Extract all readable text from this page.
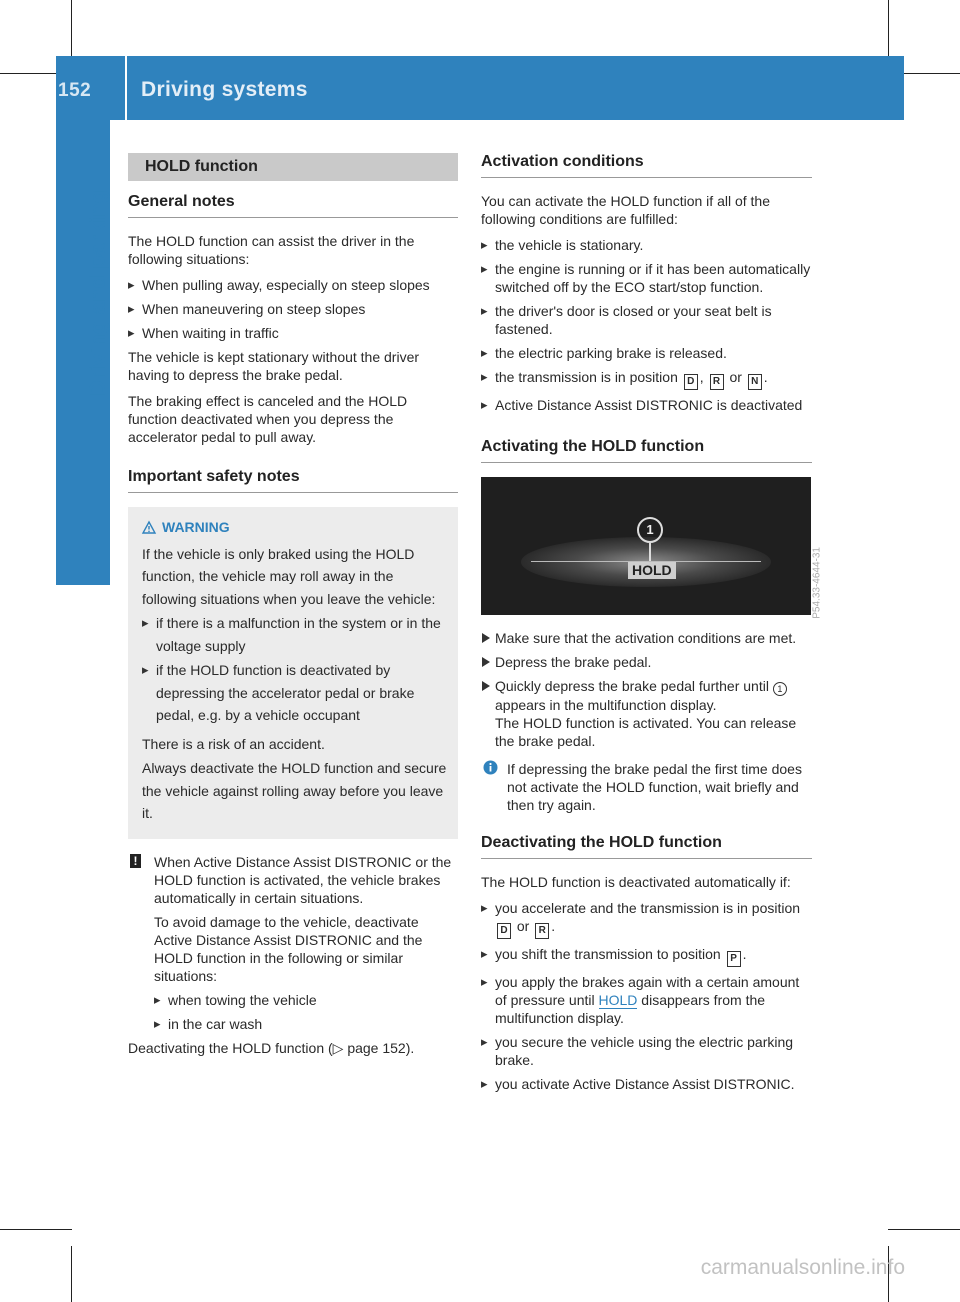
152 Driving systems
Driving and parking
HOLD function
General notes

The HOLD function can assist the driver in the following situations:

▸ When pulling away, especially on steep slopes
▸ When maneuvering on steep slopes
▸ When waiting in traffic

The vehicle is kept stationary without the driver having to depress the brake pedal.

The braking effect is canceled and the HOLD function deactivated when you depress the accelerator pedal to pull away.

Important safety notes
WARNING

If the vehicle is only braked using the HOLD function, the vehicle may roll away in the following situations when you leave the vehicle:

▸ if there is a malfunction in the system or in the voltage supply
▸ if the HOLD function is deactivated by depressing the accelerator pedal or brake pedal, e.g. by a vehicle occupant

There is a risk of an accident.

Always deactivate the HOLD function and secure the vehicle against rolling away before you leave it.

! When Active Distance Assist DISTRONIC or the HOLD function is activated, the vehicle brakes automatically in certain situations.

To avoid damage to the vehicle, deactivate Active Distance Assist DISTRONIC and the HOLD function in the following or similar situations:

▸ when towing the vehicle
▸ in the car wash

Deactivating the HOLD function (▷ page 152).

Activation conditions

You can activate the HOLD function if all of the following conditions are fulfilled:

▸ the vehicle is stationary.
▸ the engine is running or if it has been automatically switched off by the ECO start/stop function.
▸ the driver's door is closed or your seat belt is fastened.
▸ the electric parking brake is released.
▸ the transmission is in position D , R or N .
▸ Active Distance Assist DISTRONIC is deactivated
Activating the HOLD function
1
HOLD	P54.33-4644-31
Make sure that the activation conditions are met.
Depress the brake pedal.
Quickly depress the brake pedal further until 1 appears in the multifunction display.
The HOLD function is activated. You can release the brake pedal.

If depressing the brake pedal the first time does not activate the HOLD function, wait briefly and then try again.

Deactivating the HOLD function

The HOLD function is deactivated automatically if:

▸ you accelerate and the transmission is in position D or R .
▸ you shift the transmission to position P .
▸ you apply the brakes again with a certain amount of pressure until HOLD disappears from the multifunction display.
▸ you secure the vehicle using the electric parking brake.
▸ you activate Active Distance Assist DISTRONIC.
carmanualsonline.info
